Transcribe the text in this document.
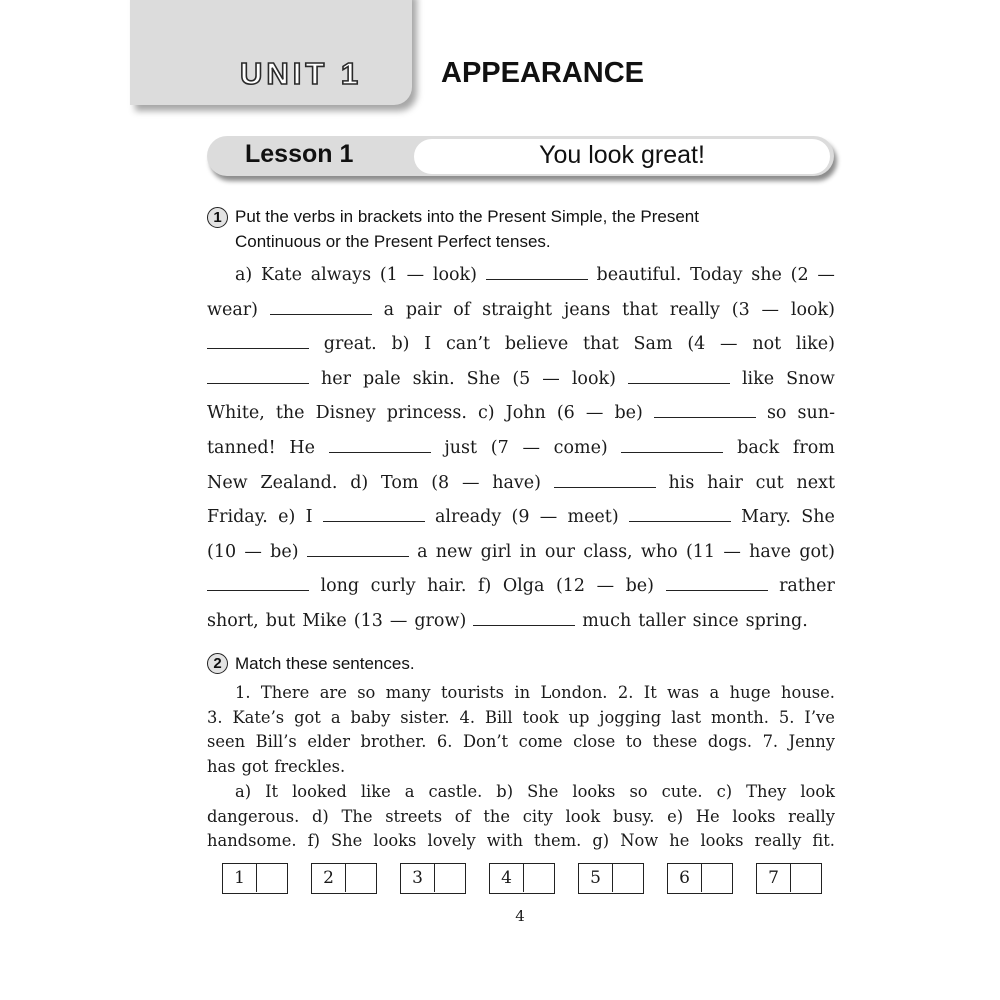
UNIT 1	APPEARANCE
Lesson 1	You look great!
1 Put the verbs in brackets into the Present Simple, the Present
Continuous or the Present Perfect tenses.
a) Kate always (1 — look)	beautiful. Today she (2 —
wear)	a pair of straight jeans that really (3 — look)
great. b) I can’t believe that Sam (4 — not like)
her pale skin. She (5 — look)	like Snow
White, the Disney princess. c) John (6 — be)	so sun-
tanned! He	just (7 — come)	back from
New Zealand. d) Tom (8 — have)	his hair cut next
Friday. e) I	already (9 — meet)	Mary. She
(10 — be)	a new girl in our class, who (11 — have got)
long curly hair. f) Olga (12 — be)	rather
short, but Mike (13 — grow)	much taller since spring.
2 Match these sentences.
1. There are so many tourists in London. 2. It was a huge house.
3. Kate’s got a baby sister. 4. Bill took up jogging last month. 5. I’ve
seen Bill’s elder brother. 6. Don’t come close to these dogs. 7. Jenny
has got freckles.
a) It looked like a castle. b) She looks so cute. c) They look
dangerous. d) The streets of the city look busy. e) He looks really
handsome. f) She looks lovely with them. g) Now he looks really fit.
1	2	3	4	5	6	7
4
